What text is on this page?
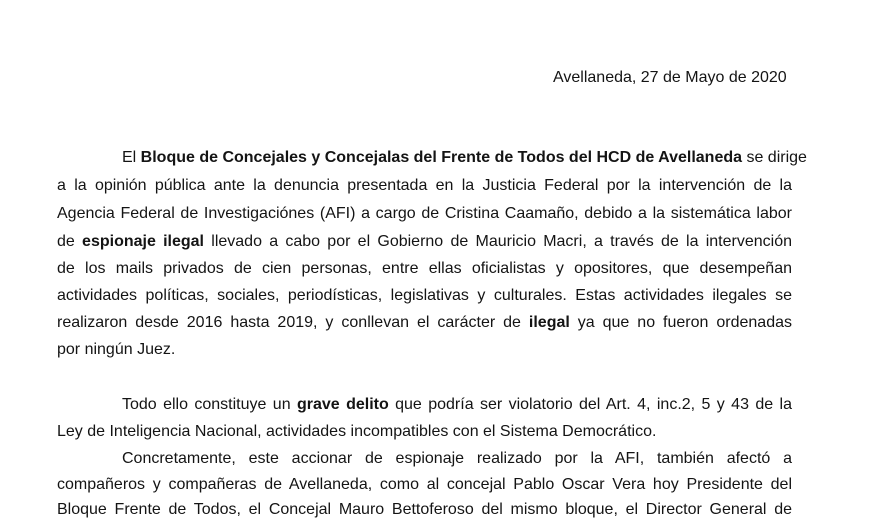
Avellaneda, 27 de Mayo de 2020
El Bloque de Concejales y Concejalas del Frente de Todos del HCD de Avellaneda se dirige
a la opinión pública ante la denuncia presentada en la Justicia Federal por la intervención de la
Agencia Federal de Investigaciónes (AFI) a cargo de Cristina Caamaño, debido a la sistemática labor
de espionaje ilegal llevado a cabo por el Gobierno de Mauricio Macri, a través de la intervención
de los mails privados de cien personas, entre ellas oficialistas y opositores, que desempeñan
actividades políticas, sociales, periodísticas, legislativas y culturales. Estas actividades ilegales se
realizaron desde 2016 hasta 2019, y conllevan el carácter de ilegal ya que no fueron ordenadas
por ningún Juez.
Todo ello constituye un grave delito que podría ser violatorio del Art. 4, inc.2, 5 y 43 de la
Ley de Inteligencia Nacional, actividades incompatibles con el Sistema Democrático.
Concretamente, este accionar de espionaje realizado por la AFI, también afectó a
compañeros y compañeras de Avellaneda, como al concejal Pablo Oscar Vera hoy Presidente del
Bloque Frente de Todos, el Concejal Mauro Bettoferoso del mismo bloque, el Director General de
